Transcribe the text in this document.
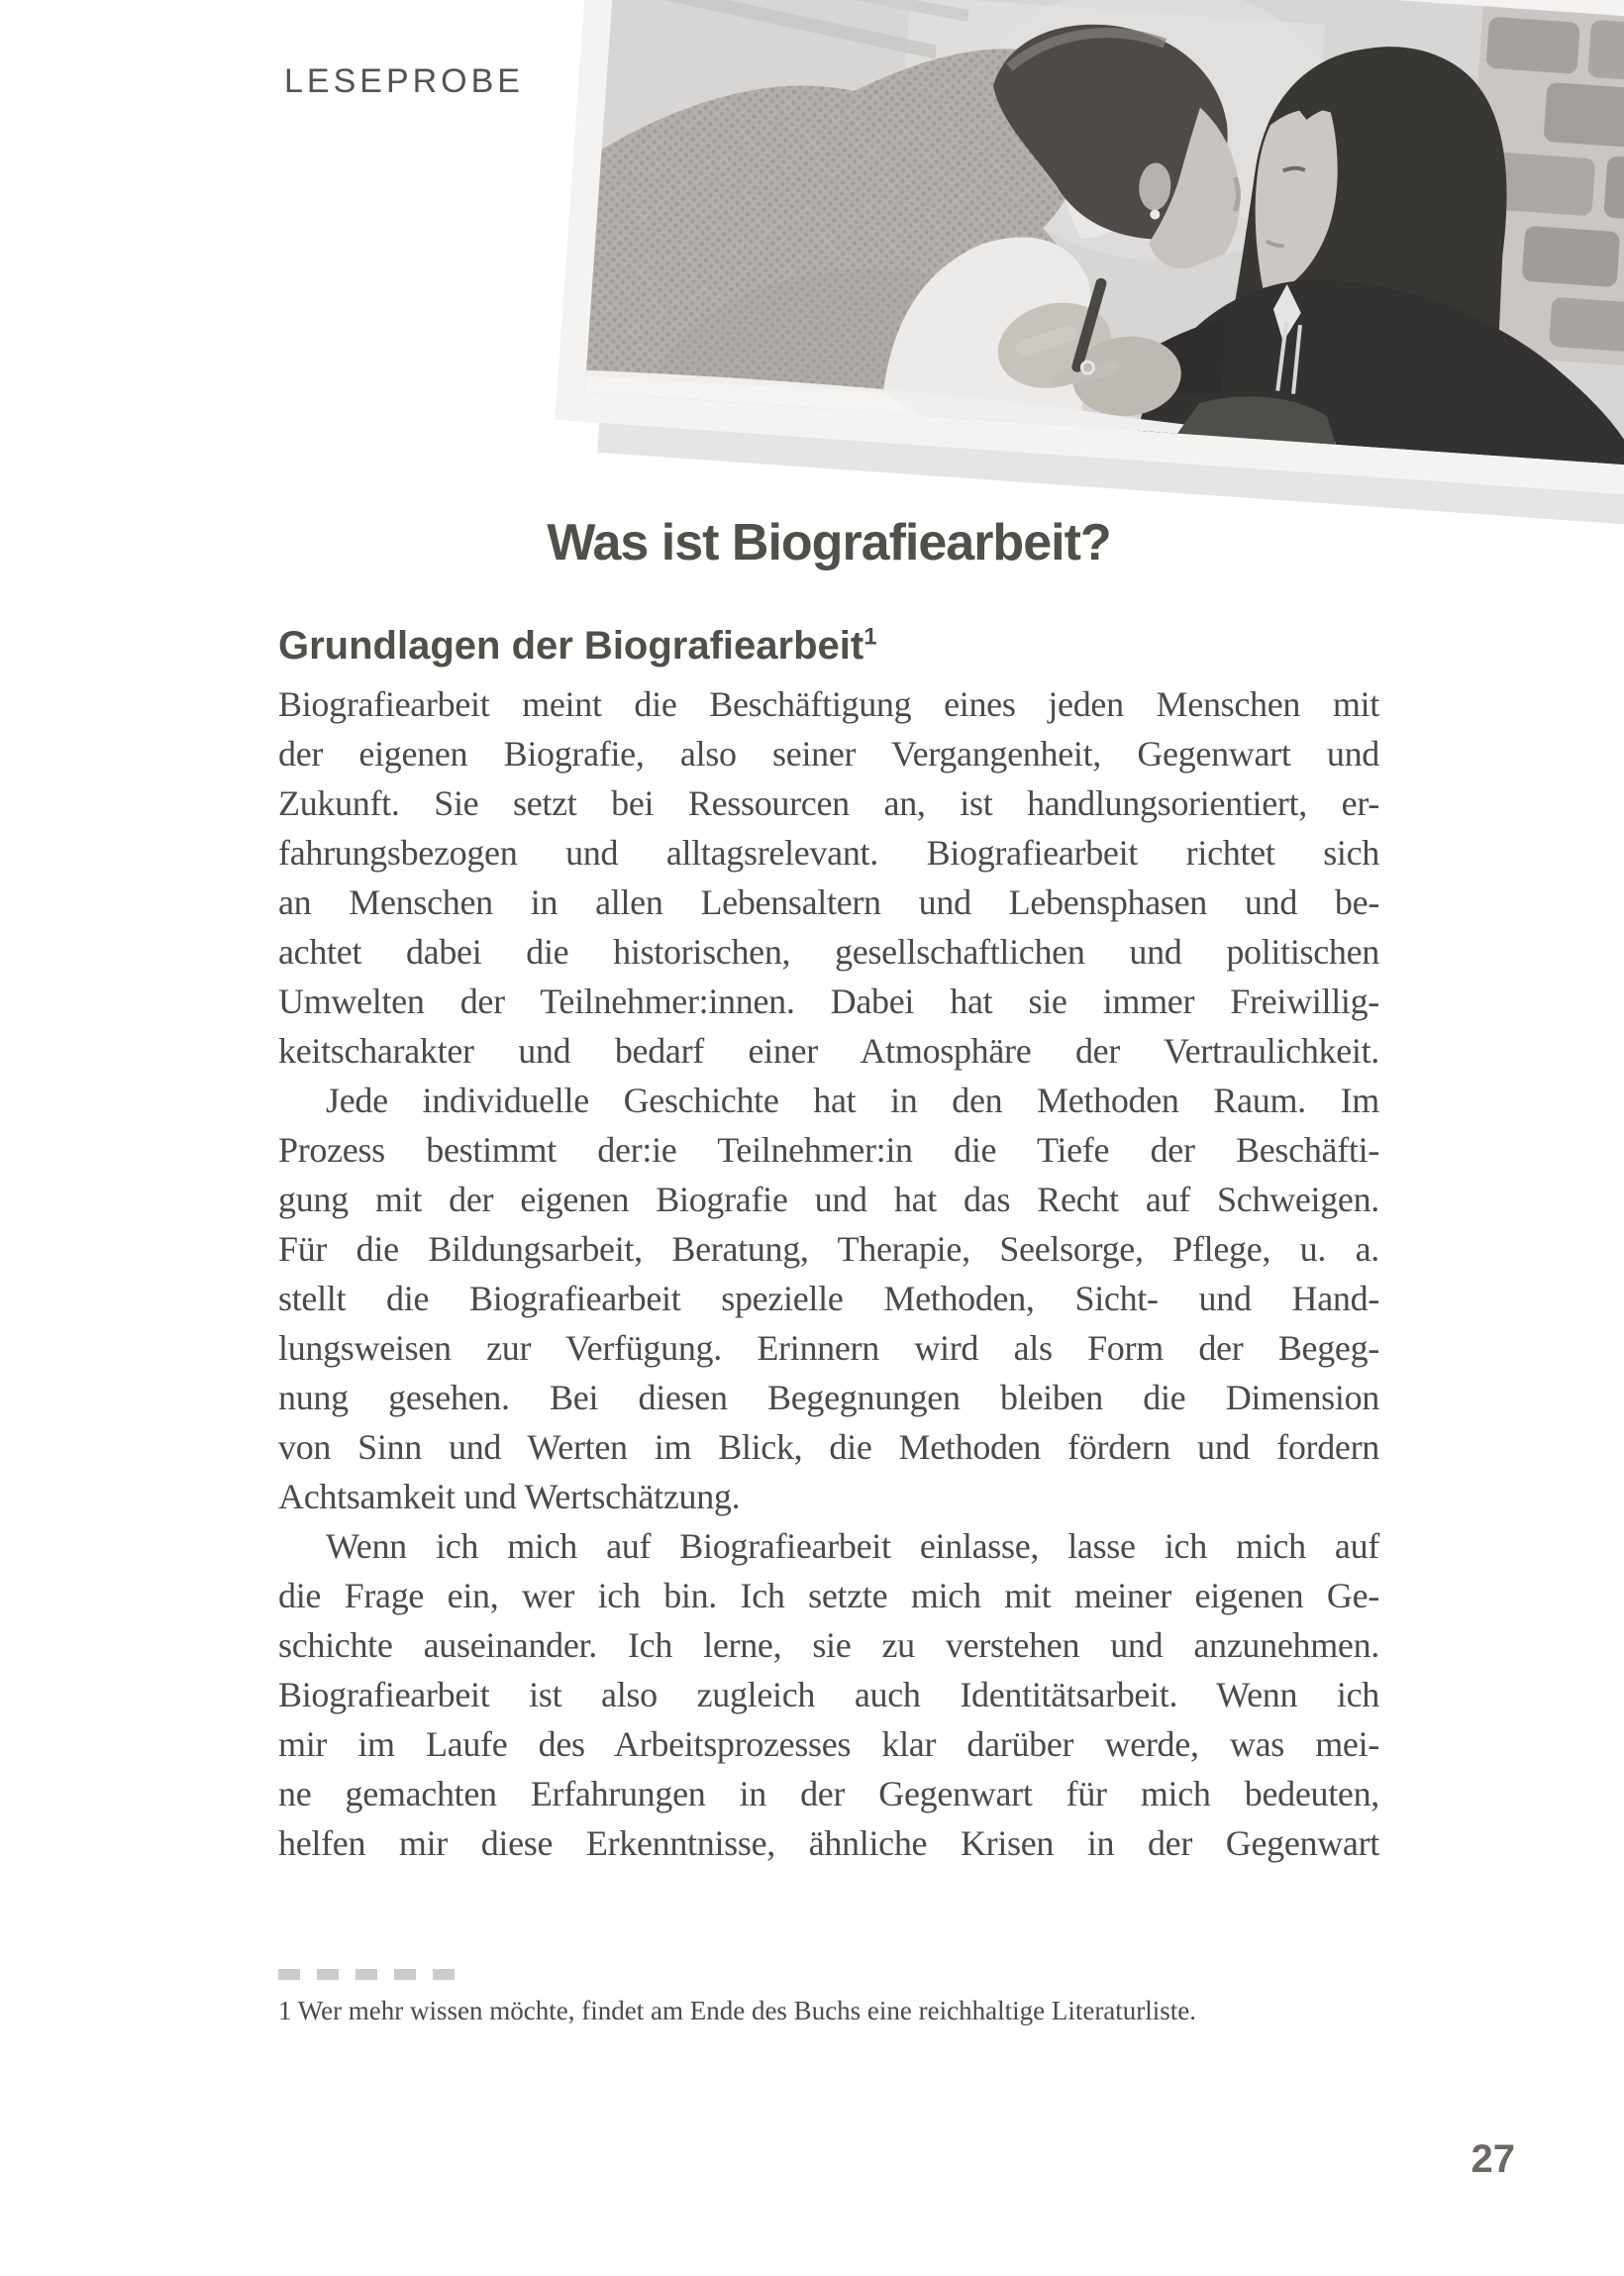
LESEPROBE
Was ist Biografiearbeit?
Grundlagen der Biografiearbeit$^1$
Biografiearbeit meint die Beschäftigung eines jeden Menschen mit
der eigenen Biografie, also seiner Vergangenheit, Gegenwart und
Zukunft. Sie setzt bei Ressourcen an, ist handlungsorientiert, er-
fahrungsbezogen und alltagsrelevant. Biografiearbeit richtet sich
an Menschen in allen Lebensaltern und Lebensphasen und be-
achtet dabei die historischen, gesellschaftlichen und politischen
Umwelten der Teilnehmer:innen. Dabei hat sie immer Freiwillig-
keitscharakter und bedarf einer Atmosphäre der Vertraulichkeit.
Jede individuelle Geschichte hat in den Methoden Raum. Im
Prozess bestimmt der:ie Teilnehmer:in die Tiefe der Beschäfti-
gung mit der eigenen Biografie und hat das Recht auf Schweigen.
Für die Bildungsarbeit, Beratung, Therapie, Seelsorge, Pflege, u. a.
stellt die Biografiearbeit spezielle Methoden, Sicht- und Hand-
lungsweisen zur Verfügung. Erinnern wird als Form der Begeg-
nung gesehen. Bei diesen Begegnungen bleiben die Dimension
von Sinn und Werten im Blick, die Methoden fördern und fordern
Achtsamkeit und Wertschätzung.
Wenn ich mich auf Biografiearbeit einlasse, lasse ich mich auf
die Frage ein, wer ich bin. Ich setzte mich mit meiner eigenen Ge-
schichte auseinander. Ich lerne, sie zu verstehen und anzunehmen.
Biografiearbeit ist also zugleich auch Identitätsarbeit. Wenn ich
mir im Laufe des Arbeitsprozesses klar darüber werde, was mei-
ne gemachten Erfahrungen in der Gegenwart für mich bedeuten,
helfen mir diese Erkenntnisse, ähnliche Krisen in der Gegenwart
1 Wer mehr wissen möchte, findet am Ende des Buchs eine reichhaltige Literaturliste.
27
